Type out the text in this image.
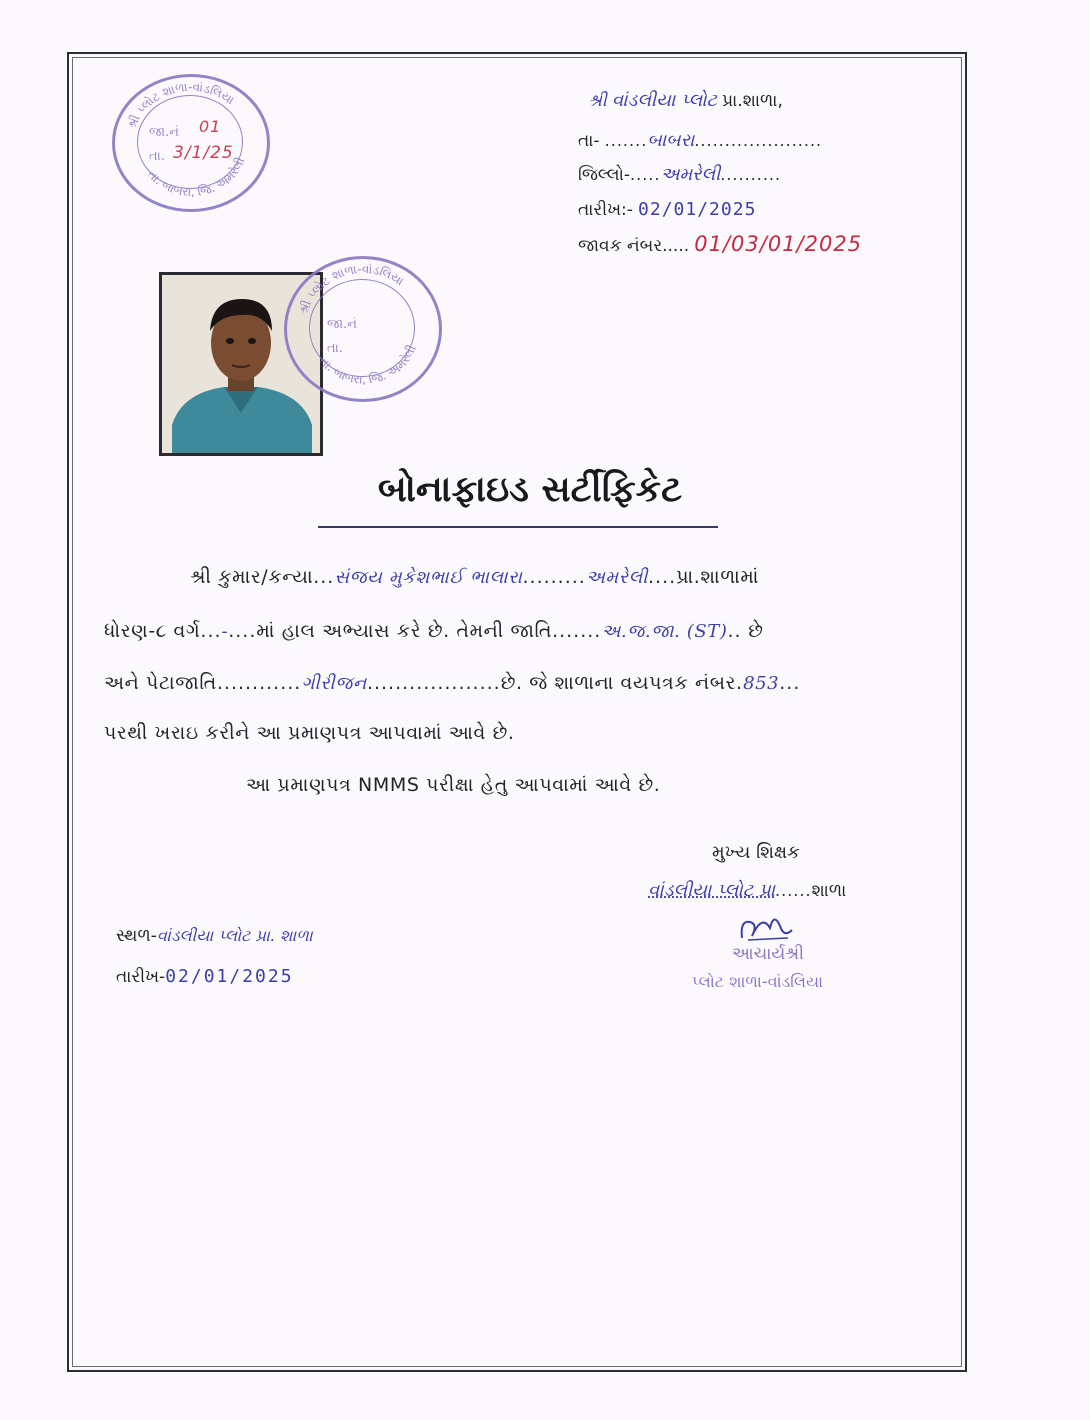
શ્રી પ્લોટ શાળા-વાંડલિયા
તા. બાબરા, જિ. અમરેલી
જા.નં 01
તા. 3/1/25
શ્રી વાંડલીયા પ્લોટ પ્રા.શાળા,
તા- .......બાબરા.....................
જિલ્લો-.....અમરેલી..........
તારીખ:- 02/01/2025
જાવક નંબર..... 01/03/01/2025
શ્રી પ્લોટ શાળા-વાંડલિયા
તા. બાબરા, જિ. અમરેલી
જા.નં
તા.
બોનાફાઇડ સર્ટીફિકેટ
શ્રી કુમાર/કન્યા...સંજય મુકેશભાઈ ભાલારા.........અમરેલી....પ્રા.શાળામાં
ધોરણ-૮ વર્ગ...-....માં હાલ અભ્યાસ કરે છે. તેમની જાતિ.......અ.જ.જા. (ST).. છે
અને પેટાજાતિ............ગીરીજન...................છે. જે શાળાના વયપત્રક નંબર.853...
પરથી ખરાઇ કરીને આ પ્રમાણપત્ર આપવામાં આવે છે.
આ પ્રમાણપત્ર NMMS પરીક્ષા હેતુ આપવામાં આવે છે.
મુખ્ય શિક્ષક
વાંડલીયા પ્લોટ પ્રા......શાળા
આચાર્યશ્રી
પ્લોટ શાળા-વાંડલિયા
સ્થળ-વાંડલીયા પ્લોટ પ્રા. શાળા
તારીખ-02/01/2025
